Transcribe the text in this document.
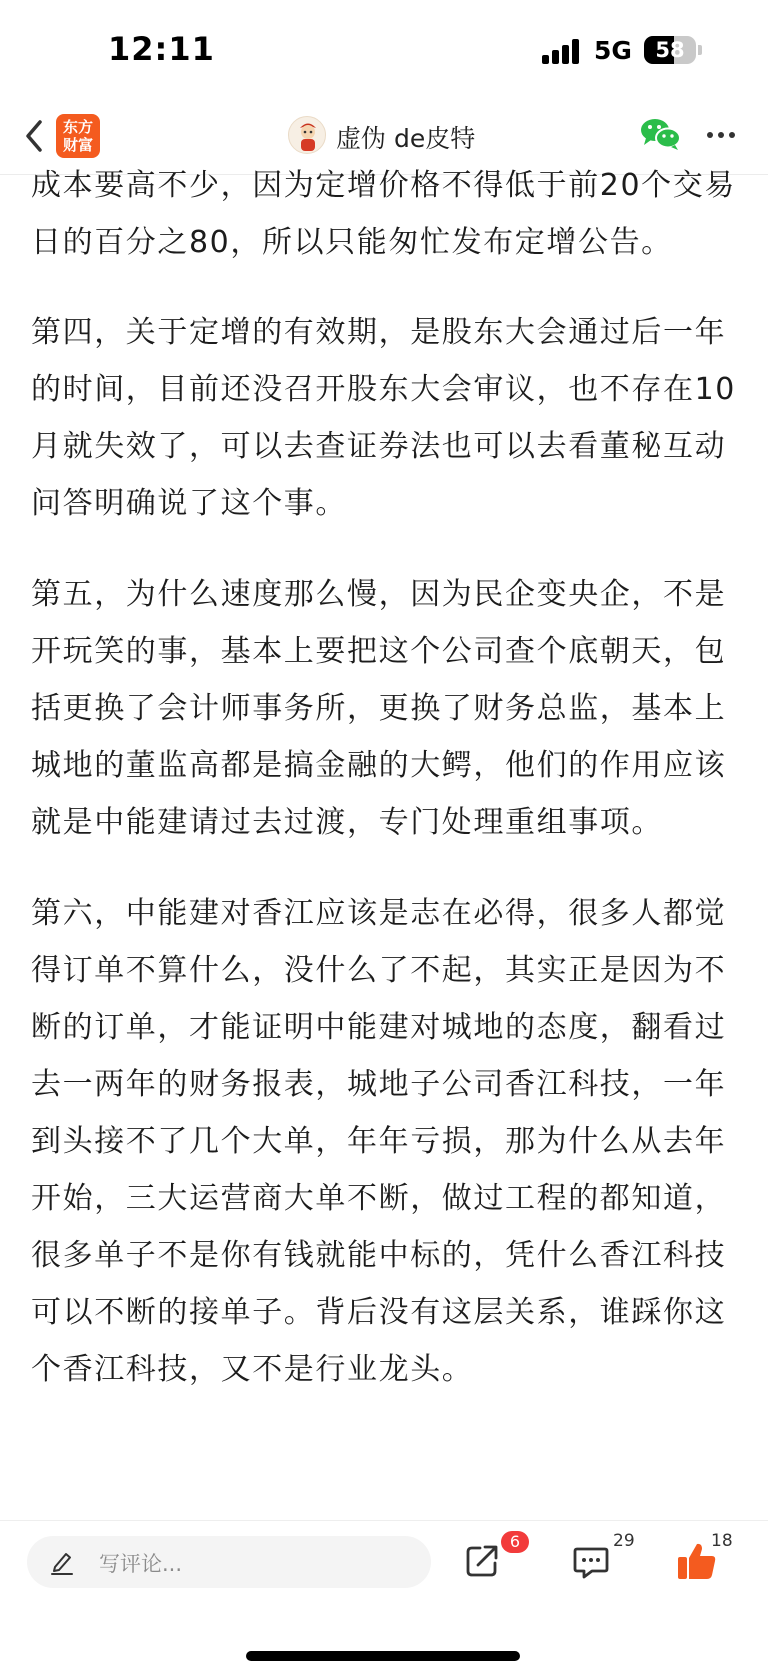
12:11	5G	58
东方
财富	虚伪 de皮特

成本要高不少，因为定增价格不得低于前20个交易日的百分之80，所以只能匆忙发布定增公告。

第四，关于定增的有效期，是股东大会通过后一年的时间，目前还没召开股东大会审议，也不存在10月就失效了，可以去查证券法也可以去看董秘互动问答明确说了这个事。

第五，为什么速度那么慢，因为民企变央企，不是开玩笑的事，基本上要把这个公司查个底朝天，包括更换了会计师事务所，更换了财务总监，基本上城地的董监高都是搞金融的大鳄，他们的作用应该就是中能建请过去过渡，专门处理重组事项。

第六，中能建对香江应该是志在必得，很多人都觉得订单不算什么，没什么了不起，其实正是因为不断的订单，才能证明中能建对城地的态度，翻看过去一两年的财务报表，城地子公司香江科技，一年到头接不了几个大单，年年亏损，那为什么从去年开始，三大运营商大单不断，做过工程的都知道，很多单子不是你有钱就能中标的，凭什么香江科技可以不断的接单子。背后没有这层关系，谁踩你这个香江科技，又不是行业龙头。

写评论...
6	29	18
